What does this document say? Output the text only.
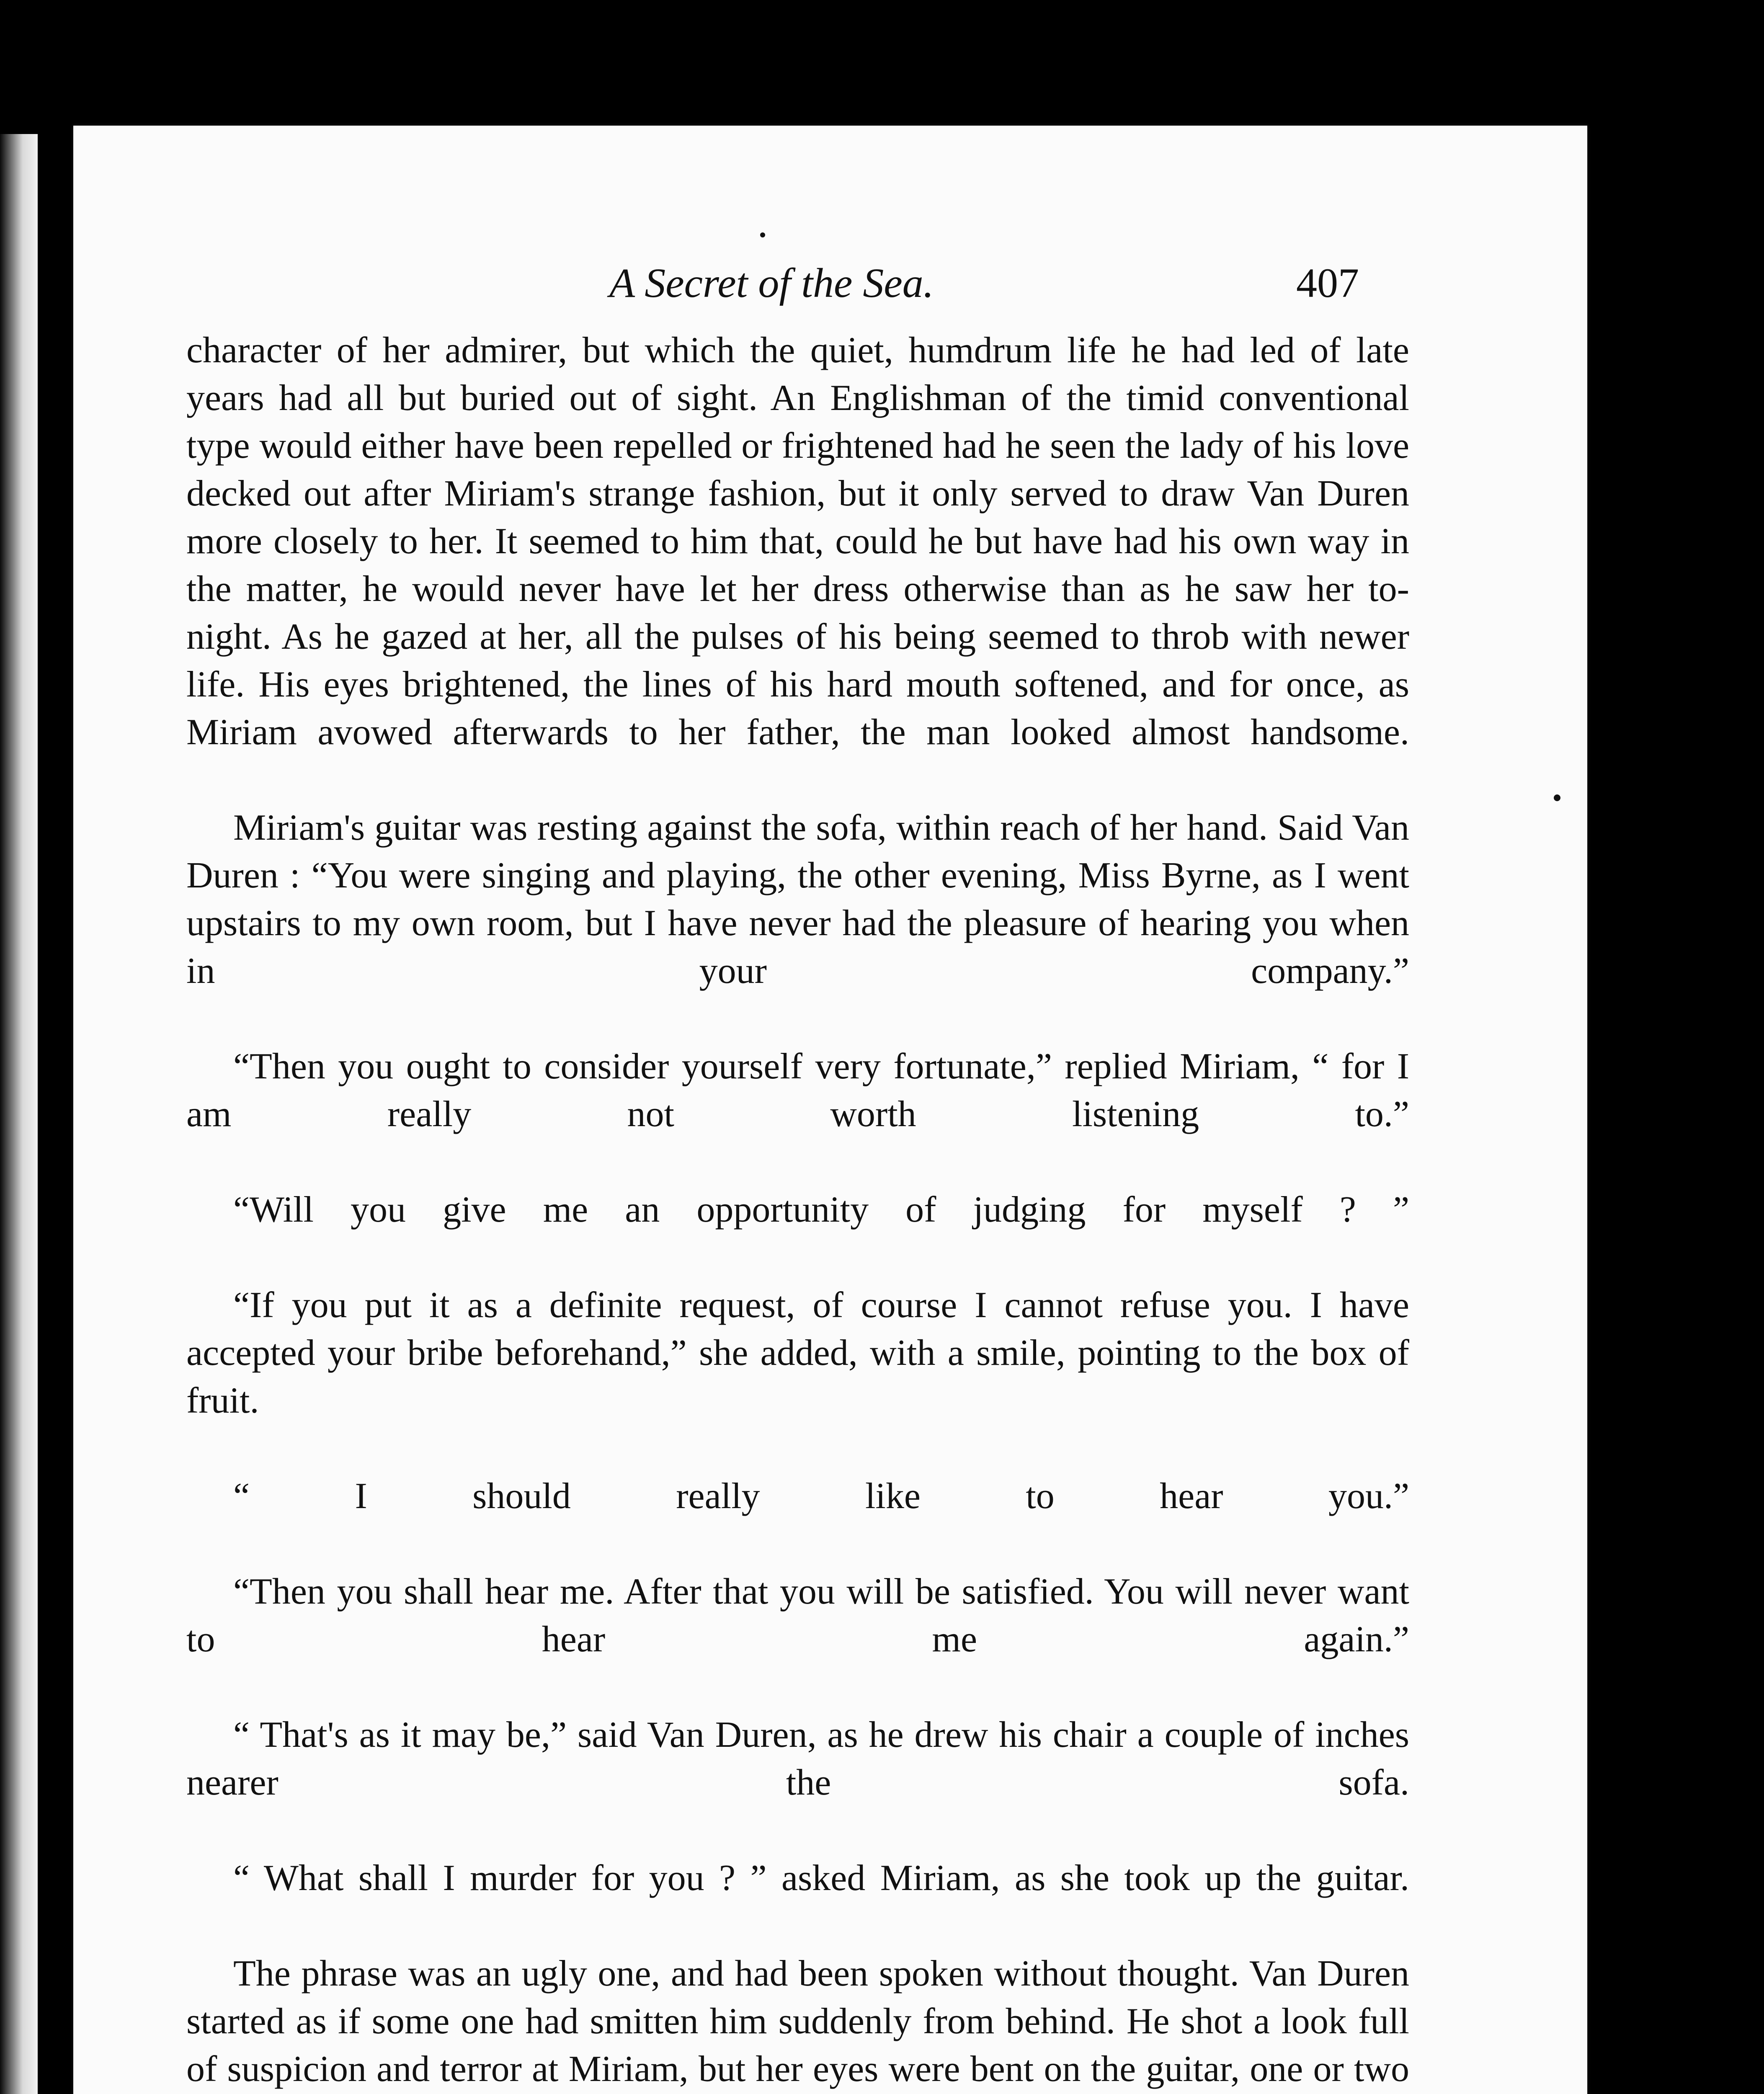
A Secret of the Sea.	407

character of her admirer, but which the quiet, humdrum life he had led of late years had all but buried out of sight. An Englishman of the timid conventional type would either have been repelled or frightened had he seen the lady of his love decked out after Miriam's strange fashion, but it only served to draw Van Duren more closely to her. It seemed to him that, could he but have had his own way in the matter, he would never have let her dress otherwise than as he saw her to-night. As he gazed at her, all the pulses of his being seemed to throb with newer life. His eyes brightened, the lines of his hard mouth softened, and for once, as Miriam avowed afterwards to her father, the man looked almost handsome.

Miriam's guitar was resting against the sofa, within reach of her hand. Said Van Duren : “You were singing and playing, the other evening, Miss Byrne, as I went upstairs to my own room, but I have never had the pleasure of hearing you when in your company.”

“Then you ought to consider yourself very fortunate,” replied Miriam, “ for I am really not worth listening to.”

“Will you give me an opportunity of judging for myself ? ”

“If you put it as a definite request, of course I cannot refuse you. I have accepted your bribe beforehand,” she added, with a smile, pointing to the box of fruit.

“ I should really like to hear you.”

“Then you shall hear me. After that you will be satisfied. You will never want to hear me again.”

“ That's as it may be,” said Van Duren, as he drew his chair a couple of inches nearer the sofa.

“ What shall I murder for you ? ” asked Miriam, as she took up the guitar.

The phrase was an ugly one, and had been spoken without thought. Van Duren started as if some one had smitten him suddenly from behind. He shot a look full of suspicion and terror at Miriam, but her eyes were bent on the guitar, one or two
